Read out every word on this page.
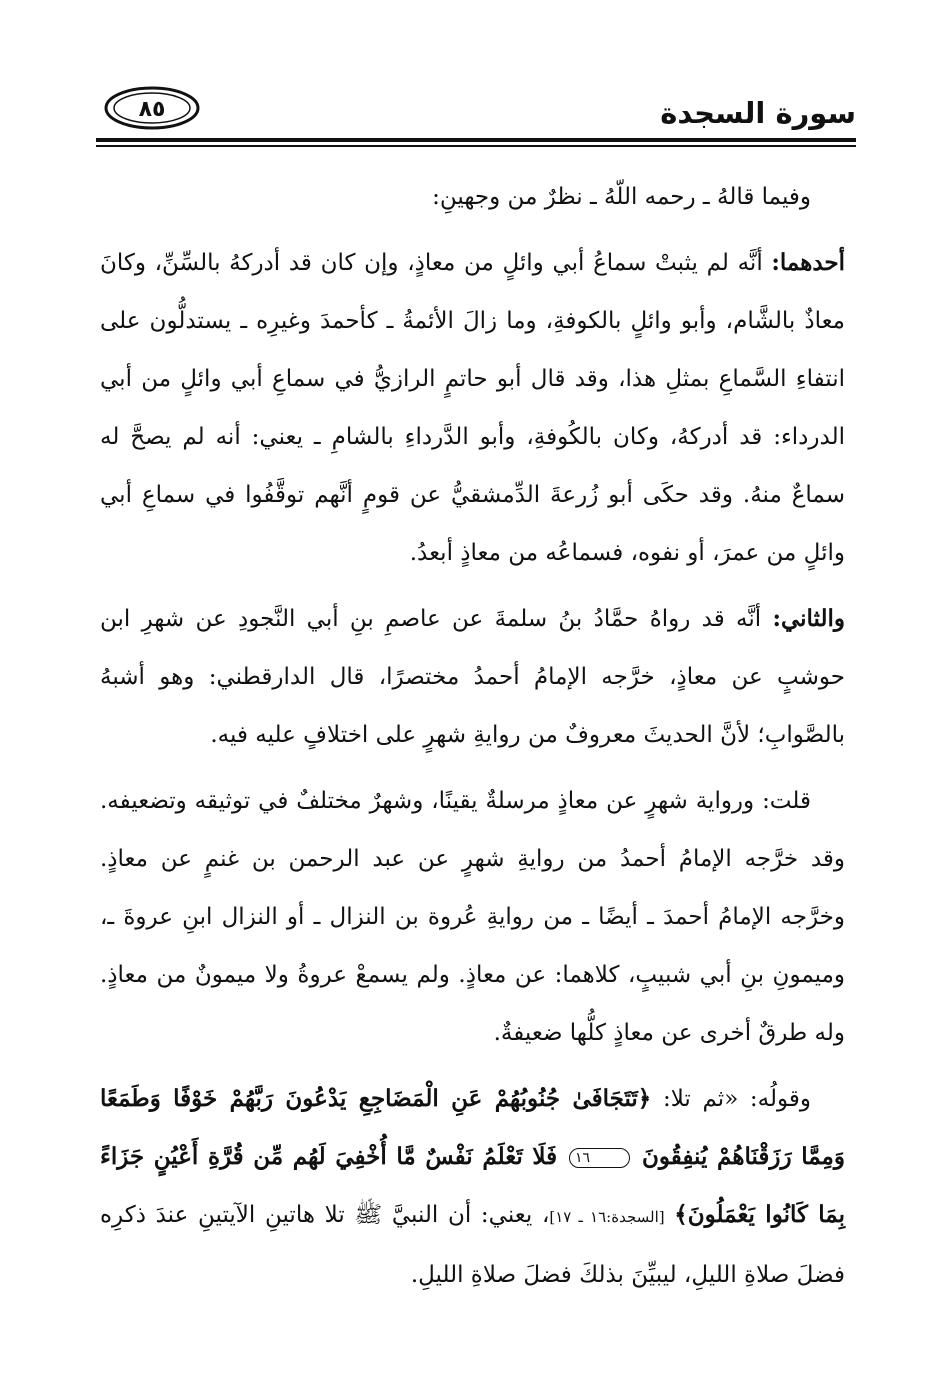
سورة السجدة
٨٥

وفيما قالهُ ـ رحمه اللّهُ ـ نظرٌ من وجهينِ:

أحدهما: أنَّه لم يثبتْ سماعُ أبي وائلٍ من معاذٍ، وإن كان قد أدركهُ بالسِّنِّ، وكانَ معاذٌ بالشَّام، وأبو وائلٍ بالكوفةِ، وما زالَ الأئمةُ ـ كأحمدَ وغيرِه ـ يستدلُّون على انتفاءِ السَّماعِ بمثلِ هذا، وقد قال أبو حاتمٍ الرازيُّ في سماعِ أبي وائلٍ من أبي الدرداء: قد أدركهُ، وكان بالكُوفةِ، وأبو الدَّرداءِ بالشامِ ـ يعني: أنه لم يصحَّ له سماعٌ منهُ. وقد حكَى أبو زُرعةَ الدِّمشقيُّ عن قومٍ أنَّهم توقَّفُوا في سماعِ أبي وائلٍ من عمرَ، أو نفوه، فسماعُه من معاذٍ أبعدُ.

والثاني: أنَّه قد رواهُ حمَّادُ بنُ سلمةَ عن عاصمِ بنِ أبي النَّجودِ عن شهرِ ابن حوشبٍ عن معاذٍ، خرَّجه الإمامُ أحمدُ مختصرًا، قال الدارقطني: وهو أشبهُ بالصَّوابِ؛ لأنَّ الحديثَ معروفٌ من روايةِ شهرٍ على اختلافٍ عليه فيه.

قلت: ورواية شهرٍ عن معاذٍ مرسلةٌ يقينًا، وشهرٌ مختلفٌ في توثيقه وتضعيفه. وقد خرَّجه الإمامُ أحمدُ من روايةِ شهرٍ عن عبد الرحمن بن غنمٍ عن معاذٍ. وخرَّجه الإمامُ أحمدَ ـ أيضًا ـ من روايةِ عُروة بن النزال ـ أو النزال ابنِ عروةَ ـ، وميمونِ بنِ أبي شبيبٍ، كلاهما: عن معاذٍ. ولم يسمعْ عروةُ ولا ميمونٌ من معاذٍ. وله طرقٌ أخرى عن معاذٍ كلُّها ضعيفةٌ.

وقولُه: «ثم تلا: ﴿تَتَجَافَىٰ جُنُوبُهُمْ عَنِ الْمَضَاجِعِ يَدْعُونَ رَبَّهُمْ خَوْفًا وَطَمَعًا وَمِمَّا رَزَقْنَاهُمْ يُنفِقُونَ ١٦ فَلَا تَعْلَمُ نَفْسٌ مَّا أُخْفِيَ لَهُم مِّن قُرَّةِ أَعْيُنٍ جَزَاءً بِمَا كَانُوا يَعْمَلُونَ﴾ [السجدة:١٦ ـ ١٧]، يعني: أن النبيَّ ﷺ تلا هاتينِ الآيتينِ عندَ ذكرِه فضلَ صلاةِ الليلِ، ليبيِّنَ بذلكَ فضلَ صلاةِ الليلِ.
